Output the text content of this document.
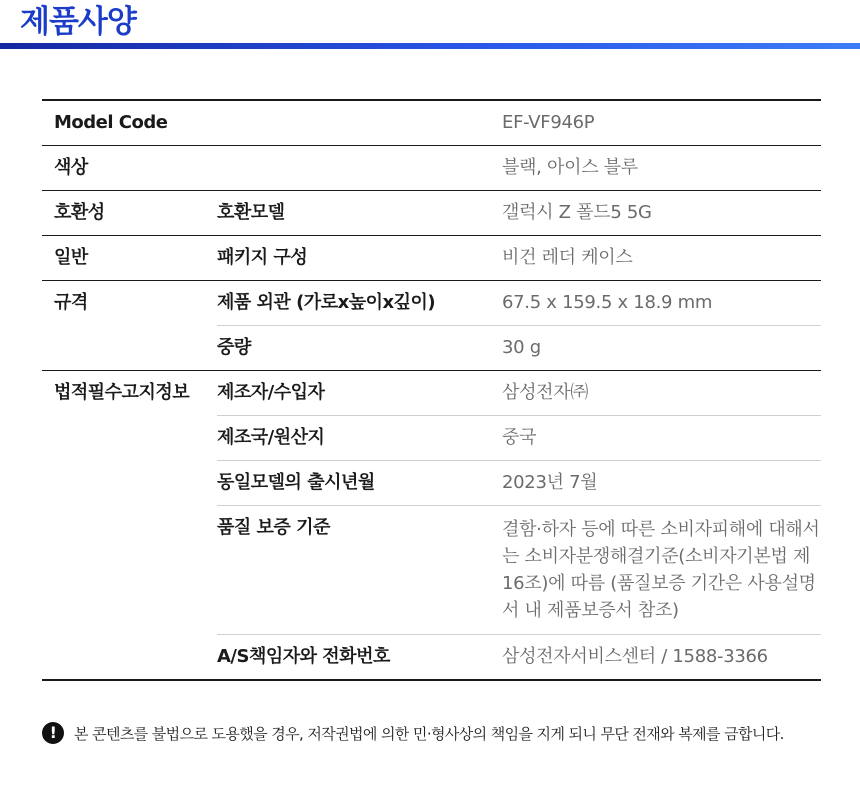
제품사양
Model Code		EF-VF946P
색상		블랙, 아이스 블루
호환성	호환모델	갤럭시 Z 폴드5 5G
일반	패키지 구성	비건 레더 케이스
규격	제품 외관 (가로x높이x깊이)	67.5 x 159.5 x 18.9 mm
	중량	30 g
법적필수고지정보	제조자/수입자	삼성전자㈜
	제조국/원산지	중국
	동일모델의 출시년월	2023년 7월
	품질 보증 기준	결함·하자 등에 따른 소비자피해에 대해서는 소비자분쟁해결기준(소비자기본법 제16조)에 따름 (품질보증 기간은 사용설명서 내 제품보증서 참조)
	A/S책임자와 전화번호	삼성전자서비스센터 / 1588-3366
!	본 콘텐츠를 불법으로 도용했을 경우, 저작권법에 의한 민·형사상의 책임을 지게 되니 무단 전재와 복제를 금합니다.
